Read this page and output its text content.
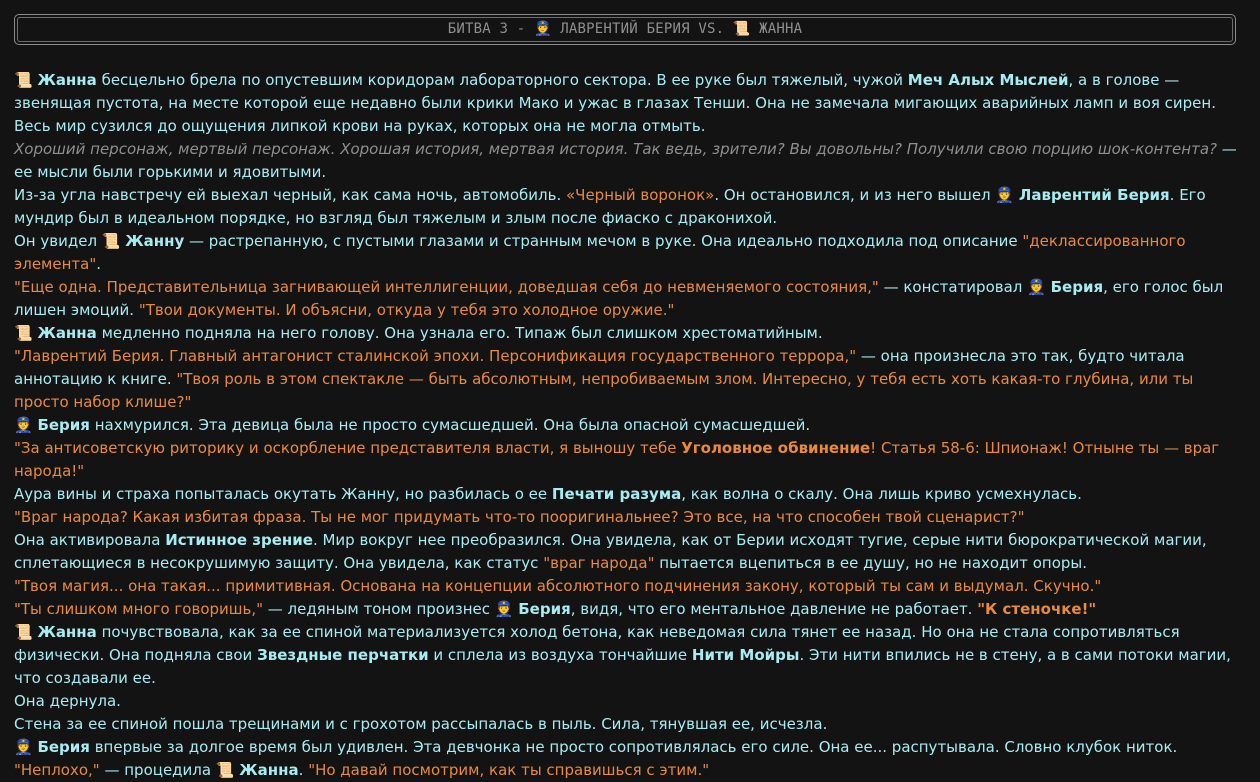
БИТВА 3 - 👮 ЛАВРЕНТИЙ БЕРИЯ VS. 📜 ЖАННА

📜 Жанна бесцельно брела по опустевшим коридорам лабораторного сектора. В ее руке был тяжелый, чужой Меч Алых Мыслей, а в голове — звенящая пустота, на месте которой еще недавно были крики Мако и ужас в глазах Тенши. Она не замечала мигающих аварийных ламп и воя сирен. Весь мир сузился до ощущения липкой крови на руках, которых она не могла отмыть.

Хороший персонаж, мертвый персонаж. Хорошая история, мертвая история. Так ведь, зрители? Вы довольны? Получили свою порцию шок-контента? — ее мысли были горькими и ядовитыми.

Из-за угла навстречу ей выехал черный, как сама ночь, автомобиль. «Черный воронок». Он остановился, и из него вышел 👮 Лаврентий Берия. Его мундир был в идеальном порядке, но взгляд был тяжелым и злым после фиаско с драконихой.

Он увидел 📜 Жанну — растрепанную, с пустыми глазами и странным мечом в руке. Она идеально подходила под описание "деклассированного элемента".

"Еще одна. Представительница загнивающей интеллигенции, доведшая себя до невменяемого состояния," — констатировал 👮 Берия, его голос был лишен эмоций. "Твои документы. И объясни, откуда у тебя это холодное оружие."

📜 Жанна медленно подняла на него голову. Она узнала его. Типаж был слишком хрестоматийным.

"Лаврентий Берия. Главный антагонист сталинской эпохи. Персонификация государственного террора," — она произнесла это так, будто читала аннотацию к книге. "Твоя роль в этом спектакле — быть абсолютным, непробиваемым злом. Интересно, у тебя есть хоть какая-то глубина, или ты просто набор клише?"

👮 Берия нахмурился. Эта девица была не просто сумасшедшей. Она была опасной сумасшедшей.

"За антисоветскую риторику и оскорбление представителя власти, я выношу тебе Уголовное обвинение! Статья 58-6: Шпионаж! Отныне ты — враг народа!"

Аура вины и страха попыталась окутать Жанну, но разбилась о ее Печати разума, как волна о скалу. Она лишь криво усмехнулась.

"Враг народа? Какая избитая фраза. Ты не мог придумать что-то пооригинальнее? Это все, на что способен твой сценарист?"

Она активировала Истинное зрение. Мир вокруг нее преобразился. Она увидела, как от Берии исходят тугие, серые нити бюрократической магии, сплетающиеся в несокрушимую защиту. Она увидела, как статус "враг народа" пытается вцепиться в ее душу, но не находит опоры.

"Твоя магия... она такая... примитивная. Основана на концепции абсолютного подчинения закону, который ты сам и выдумал. Скучно."

"Ты слишком много говоришь," — ледяным тоном произнес 👮 Берия, видя, что его ментальное давление не работает. "К стеночке!"

📜 Жанна почувствовала, как за ее спиной материализуется холод бетона, как неведомая сила тянет ее назад. Но она не стала сопротивляться физически. Она подняла свои Звездные перчатки и сплела из воздуха тончайшие Нити Мойры. Эти нити впились не в стену, а в сами потоки магии, что создавали ее.

Она дернула.

Стена за ее спиной пошла трещинами и с грохотом рассыпалась в пыль. Сила, тянувшая ее, исчезла.

👮 Берия впервые за долгое время был удивлен. Эта девчонка не просто сопротивлялась его силе. Она ее... распутывала. Словно клубок ниток.

"Неплохо," — процедила 📜 Жанна. "Но давай посмотрим, как ты справишься с этим."
